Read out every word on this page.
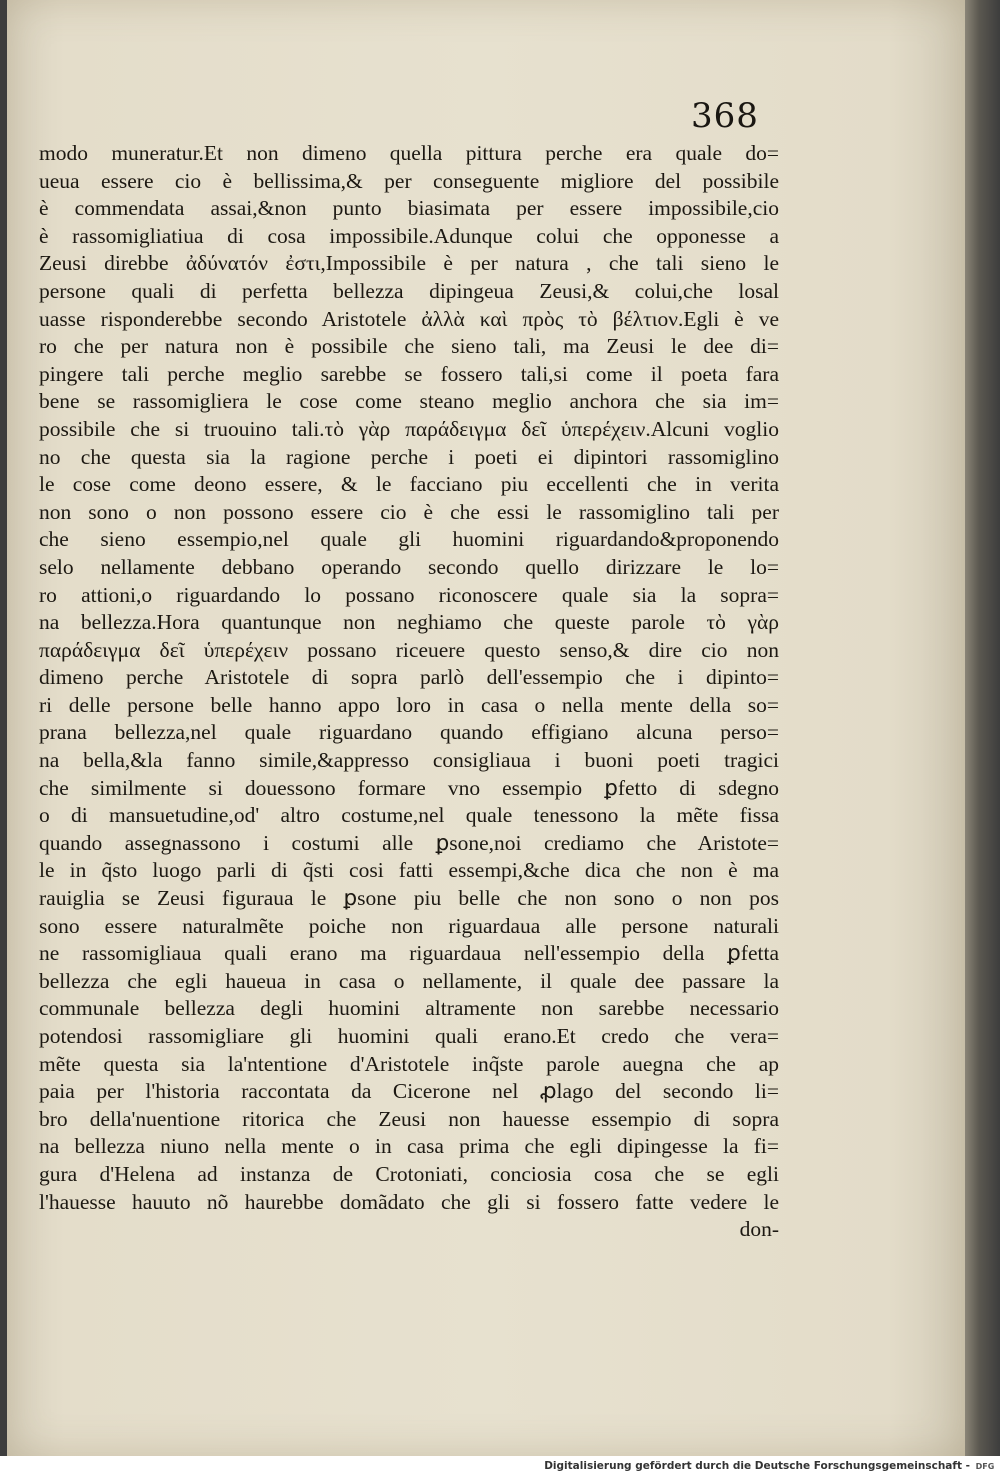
368
modo muneratur.Et non dimeno quella pittura perche era quale do=
ueua essere cio è bellissima,& per conseguente migliore del possibile
è commendata assai,&non punto biasimata per essere impossibile,cio
è rassomigliatiua di cosa impossibile.Adunque colui che opponesse a
Zeusi direbbe ἀδύνατόν ἐστι,Impossibile è per natura , che tali sieno le
persone quali di perfetta bellezza dipingeua Zeusi,& colui,che losal
uasse risponderebbe secondo Aristotele ἀλλὰ καὶ πρὸς τὸ βέλτιον.Egli è ve
ro che per natura non è possibile che sieno tali, ma Zeusi le dee di=
pingere tali perche meglio sarebbe se fossero tali,si come il poeta fara
bene se rassomigliera le cose come steano meglio anchora che sia im=
possibile che si truouino tali.τὸ γὰρ παράδειγμα δεῖ ὑπερέχειν.Alcuni voglio
no che questa sia la ragione perche i poeti ei dipintori rassomiglino
le cose come deono essere, & le facciano piu eccellenti che in verita
non sono o non possono essere cio è che essi le rassomiglino tali per
che sieno essempio,nel quale gli huomini riguardando&proponendo
selo nellamente debbano operando secondo quello dirizzare le lo=
ro attioni,o riguardando lo possano riconoscere quale sia la sopra=
na bellezza.Hora quantunque non neghiamo che queste parole τὸ γὰρ
παράδειγμα δεῖ ὑπερέχειν possano riceuere questo senso,& dire cio non
dimeno perche Aristotele di sopra parlò dell'essempio che i dipinto=
ri delle persone belle hanno appo loro in casa o nella mente della so=
prana bellezza,nel quale riguardano quando effigiano alcuna perso=
na bella,&la fanno simile,&appresso consigliaua i buoni poeti tragici
che similmente si douessono formare vno essempio ꝑfetto di sdegno
o di mansuetudine,od' altro costume,nel quale tenessono la mẽte fissa
quando assegnassono i costumi alle ꝑsone,noi crediamo che Aristote=
le in q̃sto luogo parli di q̃sti cosi fatti essempi,&che dica che non è ma
rauiglia se Zeusi figuraua le ꝑsone piu belle che non sono o non pos
sono essere naturalmẽte poiche non riguardaua alle persone naturali
ne rassomigliaua quali erano ma riguardaua nell'essempio della ꝑfetta
bellezza che egli haueua in casa o nellamente, il quale dee passare la
communale bellezza degli huomini altramente non sarebbe necessario
potendosi rassomigliare gli huomini quali erano.Et credo che vera=
mẽte questa sia la'ntentione d'Aristotele inq̃ste parole auegna che ap
paia per l'historia raccontata da Cicerone nel ꝓlago del secondo li=
bro della'nuentione ritorica che Zeusi non hauesse essempio di sopra
na bellezza niuno nella mente o in casa prima che egli dipingesse la fi=
gura d'Helena ad instanza de Crotoniati, conciosia cosa che se egli
l'hauesse hauuto nõ haurebbe domãdato che gli si fossero fatte vedere le
don-
Digitalisierung gefördert durch die Deutsche Forschungsgemeinschaft - DFG
